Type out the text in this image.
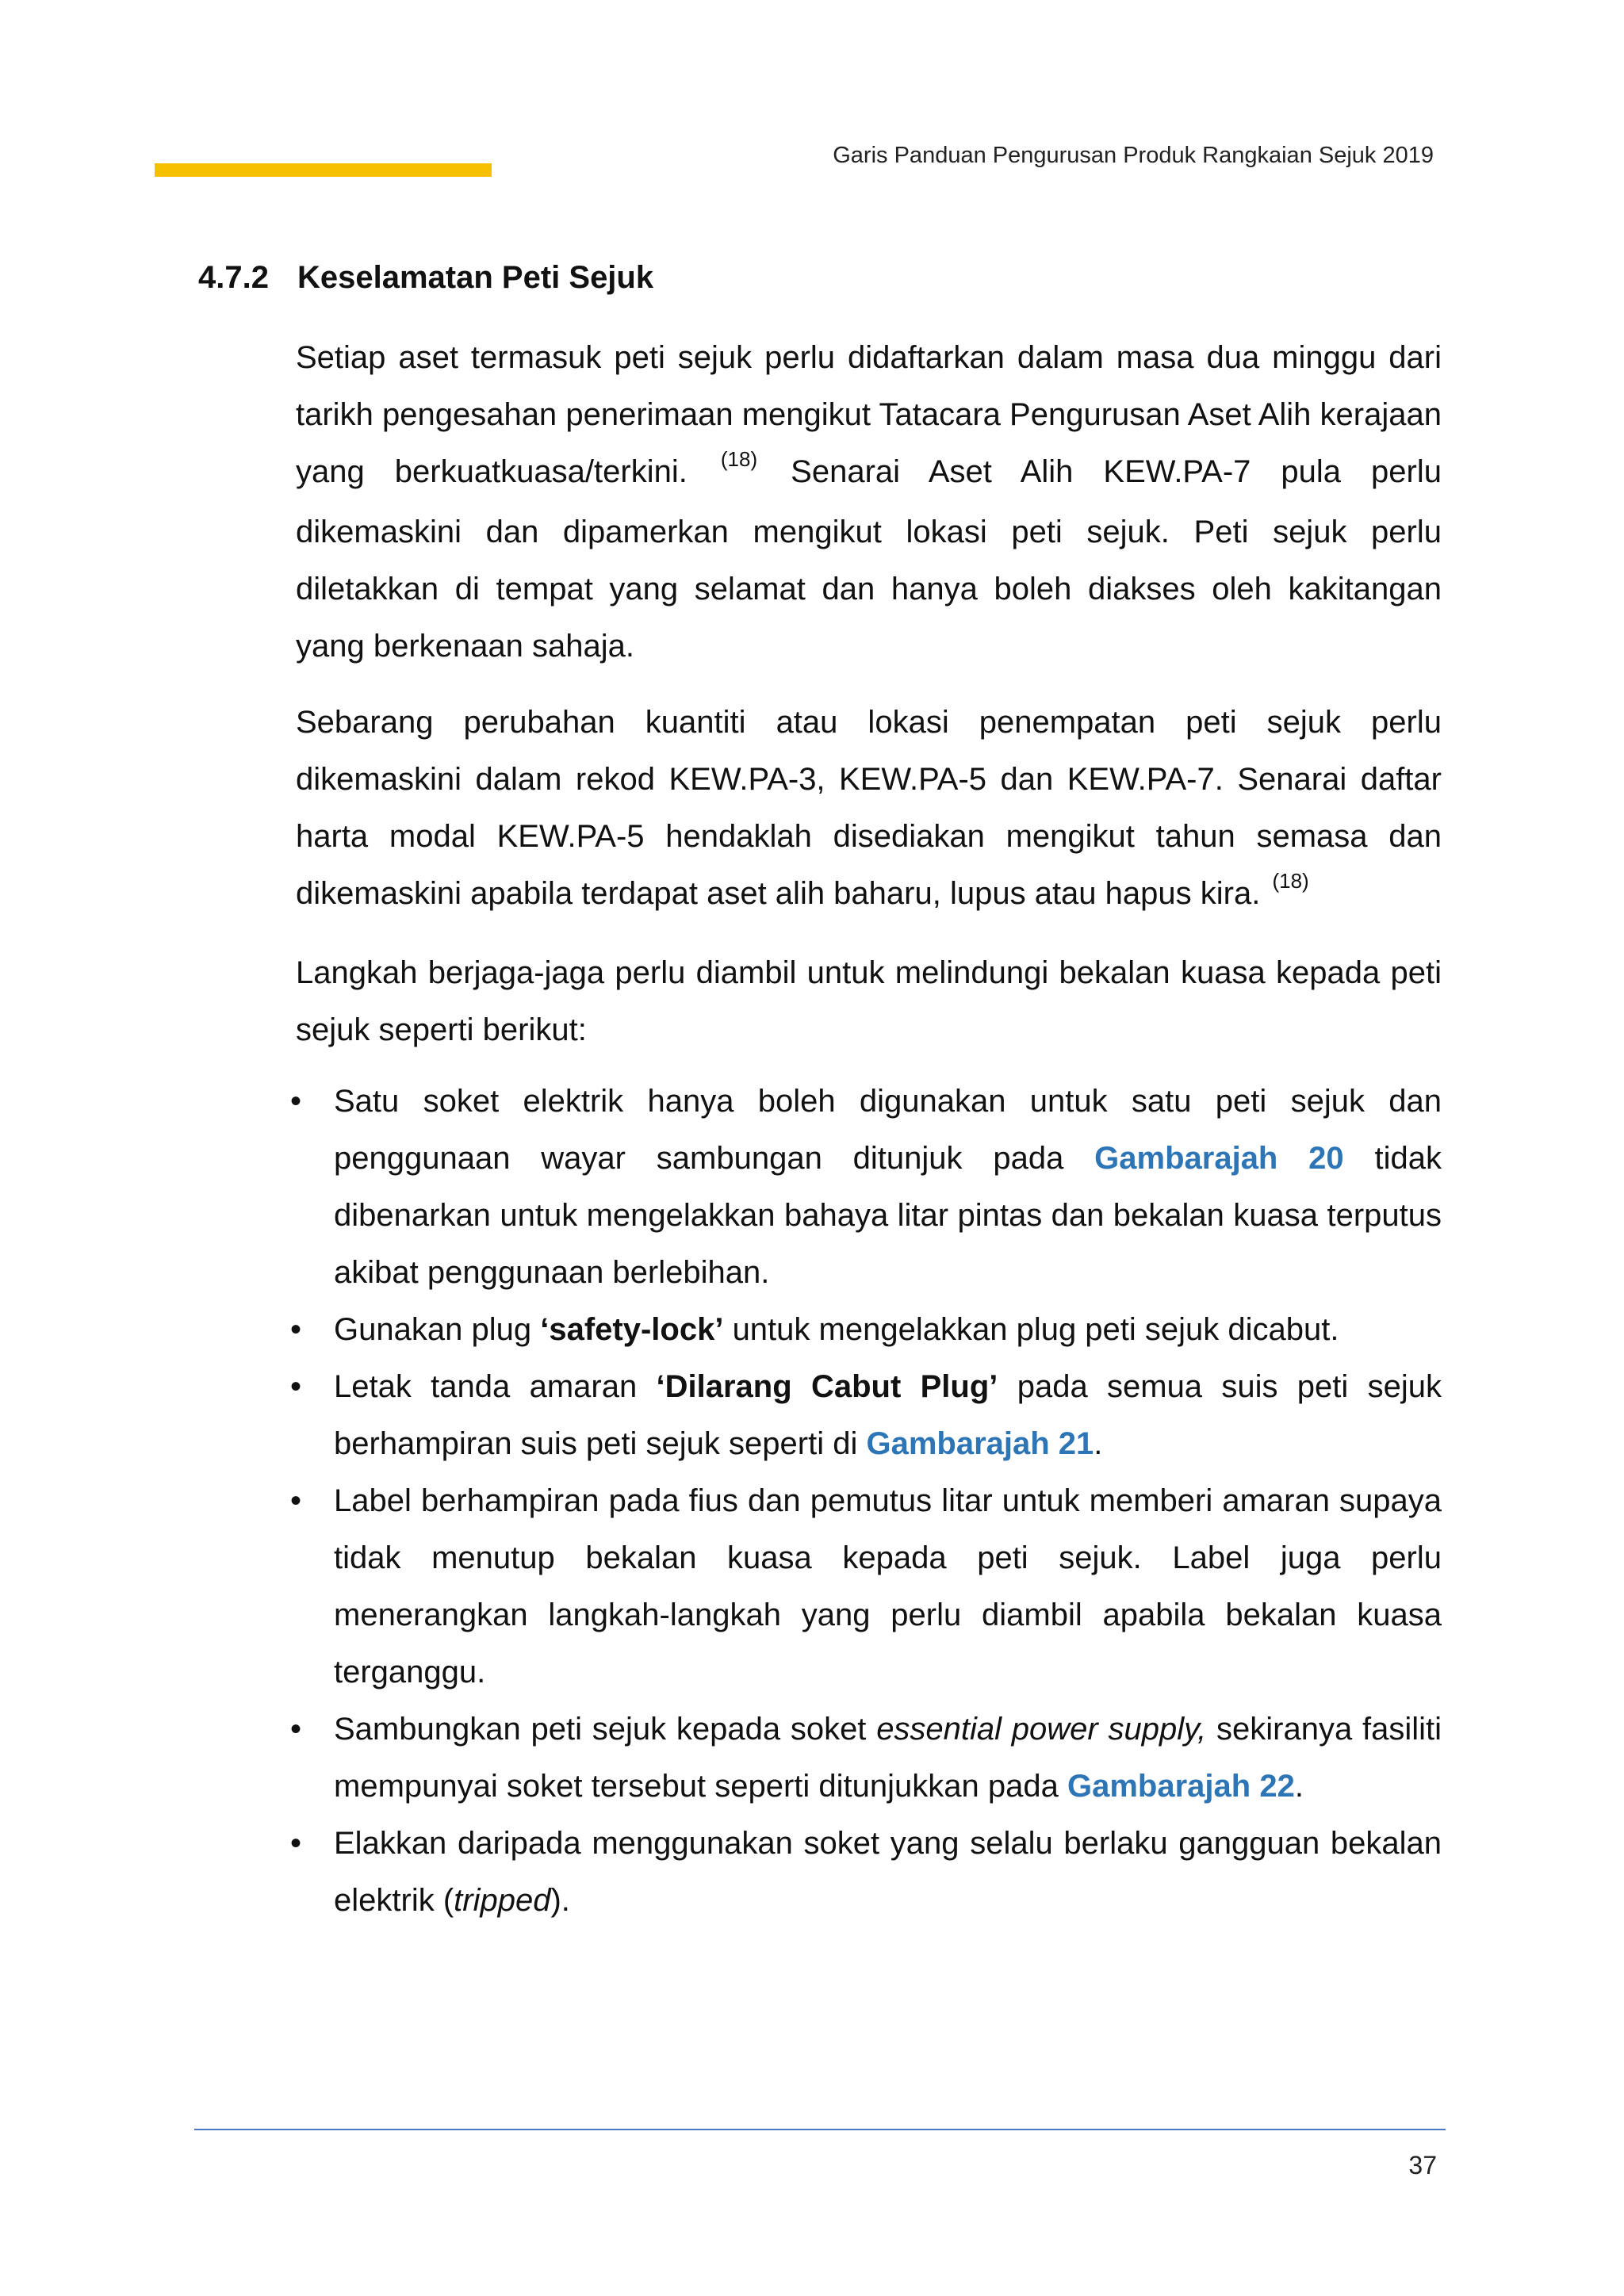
Garis Panduan Pengurusan Produk Rangkaian Sejuk 2019
4.7.2 Keselamatan Peti Sejuk

Setiap aset termasuk peti sejuk perlu didaftarkan dalam masa dua minggu dari tarikh pengesahan penerimaan mengikut Tatacara Pengurusan Aset Alih kerajaan yang berkuatkuasa/terkini. $^{(18)}$ Senarai Aset Alih KEW.PA-7 pula perlu dikemaskini dan dipamerkan mengikut lokasi peti sejuk. Peti sejuk perlu diletakkan di tempat yang selamat dan hanya boleh diakses oleh kakitangan yang berkenaan sahaja.

Sebarang perubahan kuantiti atau lokasi penempatan peti sejuk perlu dikemaskini dalam rekod KEW.PA-3, KEW.PA-5 dan KEW.PA-7. Senarai daftar harta modal KEW.PA-5 hendaklah disediakan mengikut tahun semasa dan dikemaskini apabila terdapat aset alih baharu, lupus atau hapus kira. $^{(18)}$

Langkah berjaga-jaga perlu diambil untuk melindungi bekalan kuasa kepada peti sejuk seperti berikut:

• Satu soket elektrik hanya boleh digunakan untuk satu peti sejuk dan penggunaan wayar sambungan ditunjuk pada Gambarajah 20 tidak dibenarkan untuk mengelakkan bahaya litar pintas dan bekalan kuasa terputus akibat penggunaan berlebihan.
• Gunakan plug ‘safety-lock’ untuk mengelakkan plug peti sejuk dicabut.
• Letak tanda amaran ‘Dilarang Cabut Plug’ pada semua suis peti sejuk berhampiran suis peti sejuk seperti di Gambarajah 21.
• Label berhampiran pada fius dan pemutus litar untuk memberi amaran supaya tidak menutup bekalan kuasa kepada peti sejuk. Label juga perlu menerangkan langkah-langkah yang perlu diambil apabila bekalan kuasa terganggu.
• Sambungkan peti sejuk kepada soket essential power supply, sekiranya fasiliti mempunyai soket tersebut seperti ditunjukkan pada Gambarajah 22.
• Elakkan daripada menggunakan soket yang selalu berlaku gangguan bekalan elektrik (tripped).
37
